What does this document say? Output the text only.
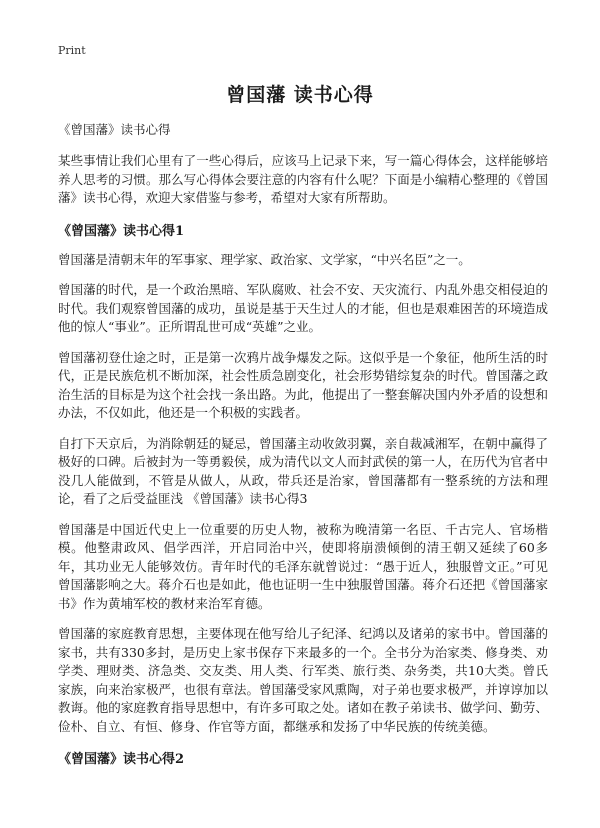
Print
曾国藩 读书心得
《曾国藩》读书心得

某些事情让我们心里有了一些心得后，应该马上记录下来，写一篇心得体会，这样能够培养人思考的习惯。那么写心得体会要注意的内容有什么呢？下面是小编精心整理的《曾国藩》读书心得，欢迎大家借鉴与参考，希望对大家有所帮助。

《曾国藩》读书心得1

曾国藩是清朝末年的军事家、理学家、政治家、文学家，“中兴名臣”之一。

曾国藩的时代，是一个政治黑暗、军队腐败、社会不安、天灾流行、内乱外患交相侵迫的时代。我们观察曾国藩的成功，虽说是基于天生过人的才能，但也是艰难困苦的环境造成他的惊人“事业”。正所谓乱世可成“英雄”之业。

曾国藩初登仕途之时，正是第一次鸦片战争爆发之际。这似乎是一个象征，他所生活的时代，正是民族危机不断加深，社会性质急剧变化，社会形势错综复杂的时代。曾国藩之政治生活的目标是为这个社会找一条出路。为此，他提出了一整套解决国内外矛盾的设想和办法，不仅如此，他还是一个积极的实践者。

自打下天京后，为消除朝廷的疑忌，曾国藩主动收敛羽翼，亲自裁减湘军，在朝中赢得了极好的口碑。后被封为一等勇毅侯，成为清代以文人而封武侯的第一人，在历代为官者中没几人能做到，不管是从做人，从政，带兵还是治家，曾国藩都有一整系统的方法和理论，看了之后受益匪浅 《曾国藩》读书心得3

曾国藩是中国近代史上一位重要的历史人物，被称为晚清第一名臣、千古完人、官场楷模。他整肃政风、倡学西洋，开启同治中兴，使即将崩溃倾倒的清王朝又延续了60多年，其功业无人能够效仿。青年时代的毛泽东就曾说过：“愚于近人，独服曾文正。”可见曾国藩影响之大。蒋介石也是如此，他也证明一生中独服曾国藩。蒋介石还把《曾国藩家书》作为黄埔军校的教材来治军育德。

曾国藩的家庭教育思想，主要体现在他写给儿子纪泽、纪鸿以及诸弟的家书中。曾国藩的家书，共有330多封，是历史上家书保存下来最多的一个。全书分为治家类、修身类、劝学类、理财类、济急类、交友类、用人类、行军类、旅行类、杂务类，共10大类。曾氏家族，向来治家极严，也很有章法。曾国藩受家风熏陶，对子弟也要求极严，并谆谆加以教诲。他的家庭教育指导思想中，有许多可取之处。诸如在教子弟读书、做学问、勤劳、俭朴、自立、有恒、修身、作官等方面，都继承和发扬了中华民族的传统美德。

《曾国藩》读书心得2
